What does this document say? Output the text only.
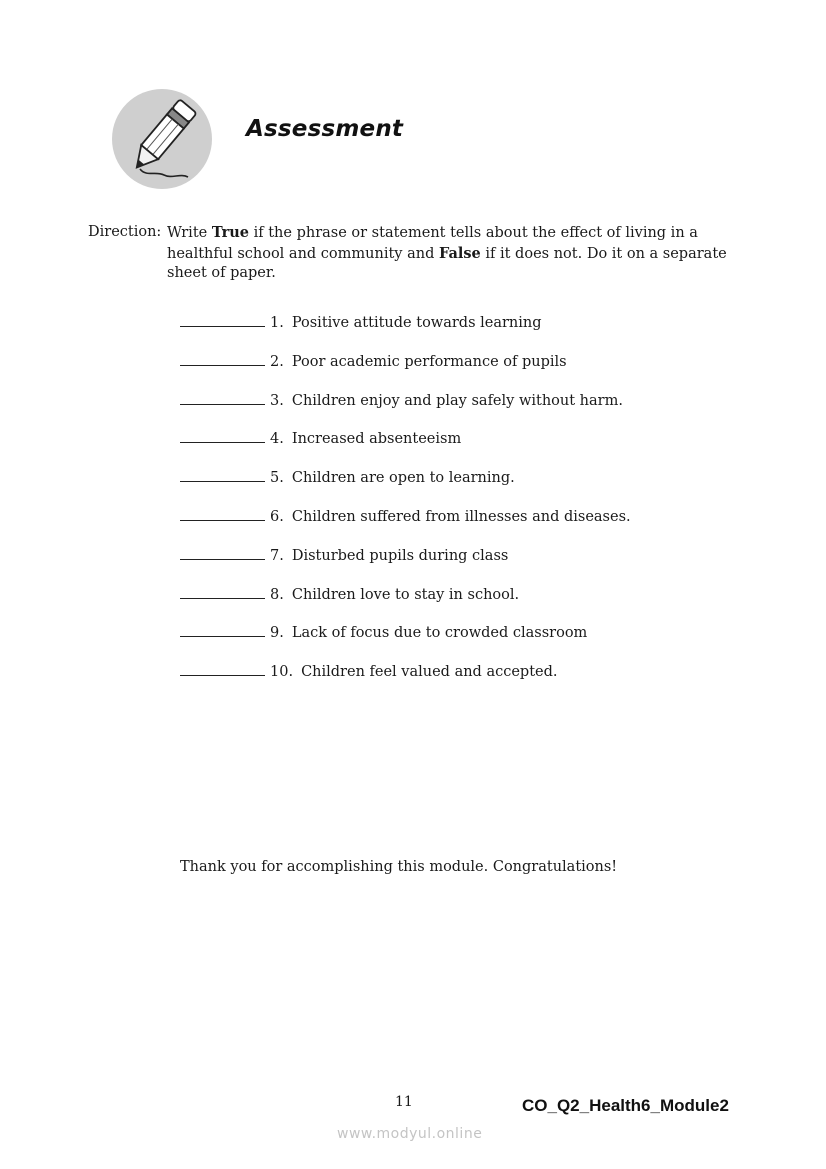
Assessment
Direction: Write True if the phrase or statement tells about the effect of living in a healthful school and community and False if it does not. Do it on a separate sheet of paper.
1. Positive attitude towards learning
2. Poor academic performance of pupils
3. Children enjoy and play safely without harm.
4. Increased absenteeism
5. Children are open to learning.
6. Children suffered from illnesses and diseases.
7. Disturbed pupils during class
8. Children love to stay in school.
9. Lack of focus due to crowded classroom
10. Children feel valued and accepted.
Thank you for accomplishing this module. Congratulations!
11	CO_Q2_Health6_Module2
www.modyul.online
